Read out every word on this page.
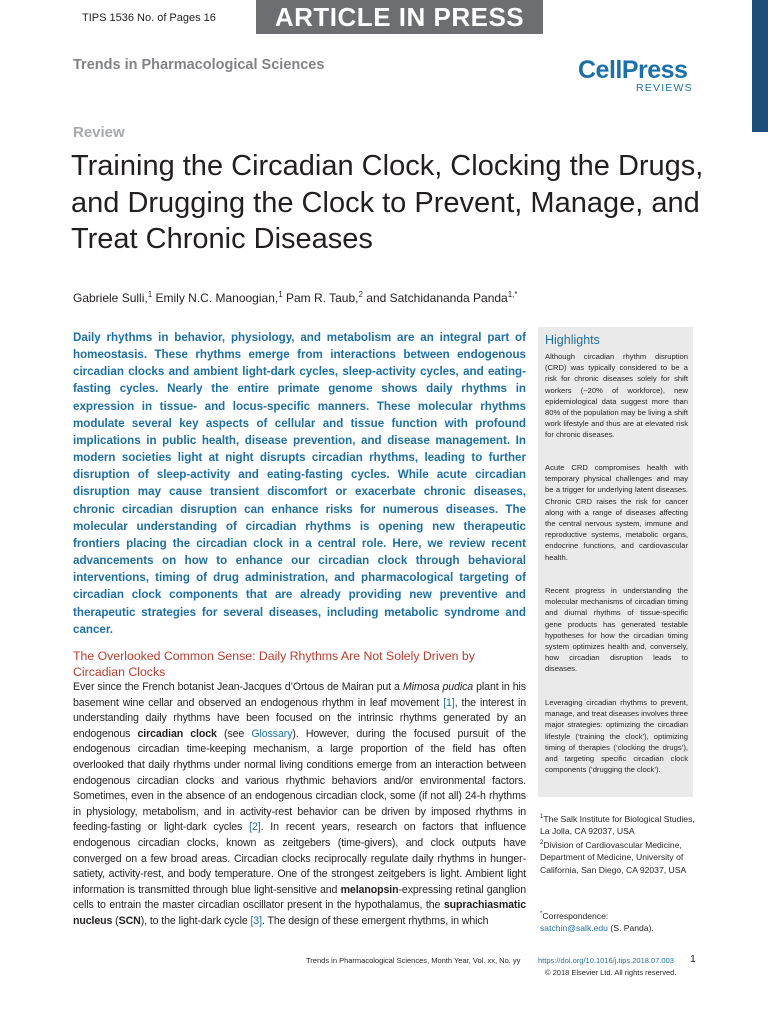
TIPS 1536 No. of Pages 16	ARTICLE IN PRESS
Trends in Pharmacological Sciences	CellPress
REVIEWS
Review
Training the Circadian Clock, Clocking the Drugs, and Drugging the Clock to Prevent, Manage, and Treat Chronic Diseases
Gabriele Sulli,$^1$ Emily N.C. Manoogian,$^1$ Pam R. Taub,$^2$ and Satchidananda Panda$^{1,*}$

Daily rhythms in behavior, physiology, and metabolism are an integral part of homeostasis. These rhythms emerge from interactions between endogenous circadian clocks and ambient light-dark cycles, sleep-activity cycles, and eating-fasting cycles. Nearly the entire primate genome shows daily rhythms in expression in tissue- and locus-specific manners. These molecular rhythms modulate several key aspects of cellular and tissue function with profound implications in public health, disease prevention, and disease management. In modern societies light at night disrupts circadian rhythms, leading to further disruption of sleep-activity and eating-fasting cycles. While acute circadian disruption may cause transient discomfort or exacerbate chronic diseases, chronic circadian disruption can enhance risks for numerous diseases. The molecular understanding of circadian rhythms is opening new therapeutic frontiers placing the circadian clock in a central role. Here, we review recent advancements on how to enhance our circadian clock through behavioral interventions, timing of drug administration, and pharmacological targeting of circadian clock components that are already providing new preventive and therapeutic strategies for several diseases, including metabolic syndrome and cancer.

The Overlooked Common Sense: Daily Rhythms Are Not Solely Driven by Circadian Clocks

Ever since the French botanist Jean-Jacques d’Ortous de Mairan put a Mimosa pudica plant in his basement wine cellar and observed an endogenous rhythm in leaf movement [1], the interest in understanding daily rhythms have been focused on the intrinsic rhythms generated by an endogenous circadian clock (see Glossary). However, during the focused pursuit of the endogenous circadian time-keeping mechanism, a large proportion of the field has often overlooked that daily rhythms under normal living conditions emerge from an interaction between endogenous circadian clocks and various rhythmic behaviors and/or environmental factors. Sometimes, even in the absence of an endogenous circadian clock, some (if not all) 24-h rhythms in physiology, metabolism, and in activity-rest behavior can be driven by imposed rhythms in feeding-fasting or light-dark cycles [2]. In recent years, research on factors that influence endogenous circadian clocks, known as zeitgebers (time-givers), and clock outputs have converged on a few broad areas. Circadian clocks reciprocally regulate daily rhythms in hunger-satiety, activity-rest, and body temperature. One of the strongest zeitgebers is light. Ambient light information is transmitted through blue light-sensitive and melanopsin-expressing retinal ganglion cells to entrain the master circadian oscillator present in the hypothalamus, the suprachiasmatic nucleus (SCN), to the light-dark cycle [3]. The design of these emergent rhythms, in which

Highlights

Although circadian rhythm disruption (CRD) was typically considered to be a risk for chronic diseases solely for shift workers (~20% of workforce), new epidemiological data suggest more than 80% of the population may be living a shift work lifestyle and thus are at elevated risk for chronic diseases.

Acute CRD compromises health with temporary physical challenges and may be a trigger for underlying latent diseases. Chronic CRD raises the risk for cancer along with a range of diseases affecting the central nervous system, immune and reproductive systems, metabolic organs, endocrine functions, and cardiovascular health.

Recent progress in understanding the molecular mechanisms of circadian timing and diurnal rhythms of tissue-specific gene products has generated testable hypotheses for how the circadian timing system optimizes health and, conversely, how circadian disruption leads to diseases.

Leveraging circadian rhythms to prevent, manage, and treat diseases involves three major strategies: optimizing the circadian lifestyle (‘training the clock’), optimizing timing of therapies (‘clocking the drugs’), and targeting specific circadian clock components (‘drugging the clock’).

$^1$The Salk Institute for Biological Studies, La Jolla, CA 92037, USA
$^2$Division of Cardiovascular Medicine, Department of Medicine, University of California, San Diego, CA 92037, USA
*Correspondence:
satchin@salk.edu (S. Panda).
Trends in Pharmacological Sciences, Month Year, Vol. xx, No. yy https://doi.org/10.1016/j.tips.2018.07.003 1
© 2018 Elsevier Ltd. All rights reserved.
